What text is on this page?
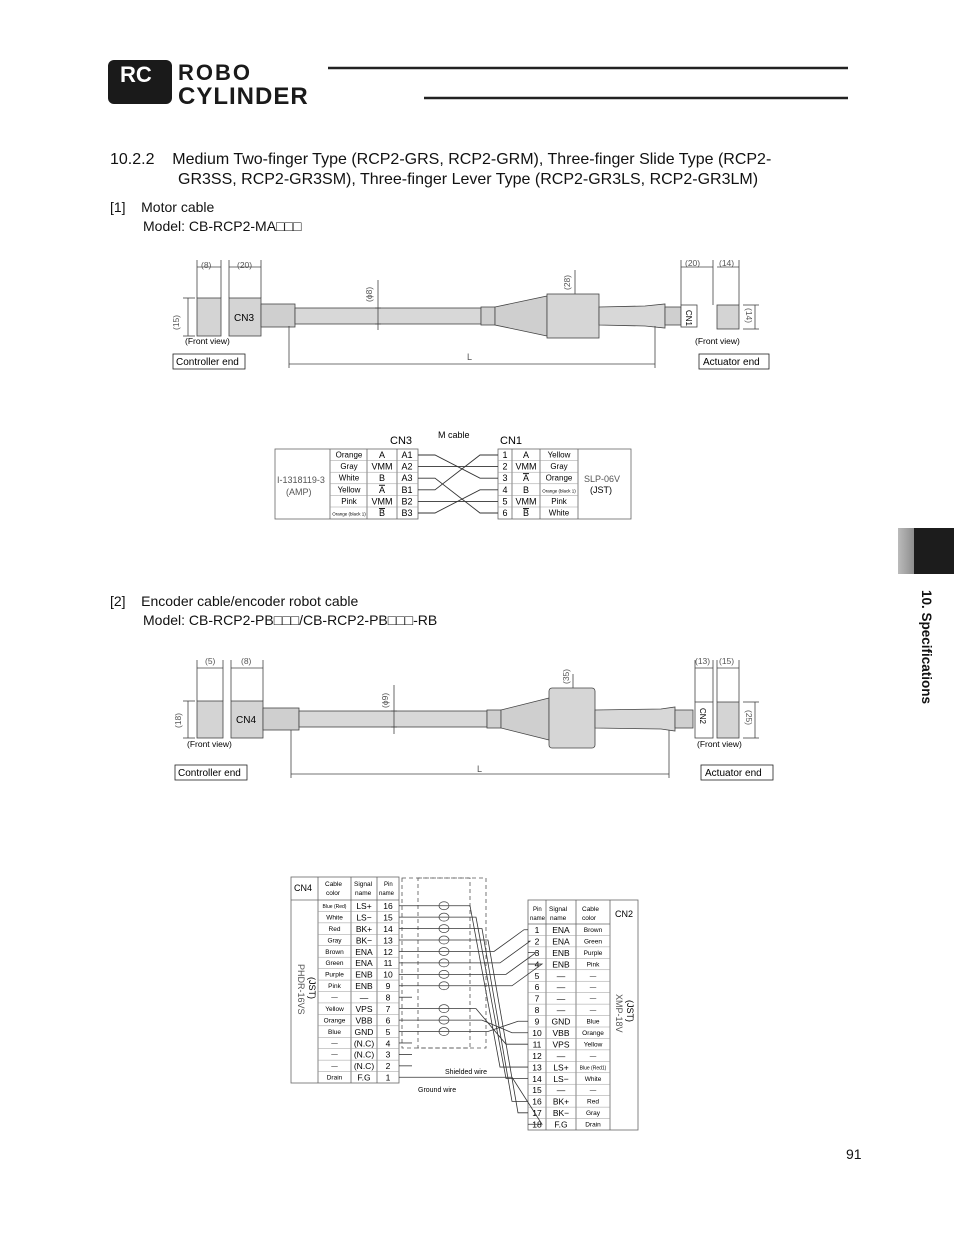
RC ROBO
CYLINDER
10.2.2 Medium Two-finger Type (RCP2-GRS, RCP2-GRM), Three-finger Slide Type (RCP2-
GR3SS, RCP2-GR3SM), Three-finger Lever Type (RCP2-GR3LS, RCP2-GR3LM)
[1] Motor cable
Model: CB-RCP2-MA□□□
(8)	(20)
(15)	CN3
(Front view)
(ϕ8)
(28)
L
CN1
(20) (14)
(14)
(Front view)
Controller end	Actuator end
M cable
CN3	CN1
I-1318119-3
(AMP)
SLP-06V
(JST)
Orange A A1
Gray VMM A2
White B A3
Yellow A B1
Pink VMM B2
Orange (black 1) B B3
1 A Yellow
2 VMM Gray
3 A Orange
4 B	Orange (black 1)
5 VMM Pink
6 B White
[2] Encoder cable/encoder robot cable
Model: CB-RCP2-PB□□□/CB-RCP2-PB□□□-RB
(5)	(8)
(18)	CN4
(Front view)
(ϕ9)
(35)
L
CN2
(13) (15)
(25)
(Front view)
Controller end	Actuator end
CN4 Cable
color
Signal
name
Pin
name
PHDR-16VS (JST)
Pin
name
Signal
name
Cable
color CN2
XMP-18V (JST)
Blue (Red) LS+ 16
White LS− 15
Red BK+ 14
Gray BK− 13
Brown ENA 12
Green ENA 11
Purple ENB 10
Pink ENB 9
—	— 8
Yellow VPS 7
Orange VBB 6
Blue GND 5
— (N.C) 4
— (N.C) 3
— (N.C) 2
Drain F.G 1
1 ENA Brown
2 ENA Green
3 ENB Purple
4 ENB	Pink
5 —	—
6 —	—
7 —	—
8 —	—
9 GND Blue
10 VBB Orange
11 VPS Yellow
12 —	—
13 LS+ Blue (Red1)
14 LS− White
15 —	—
16 BK+	Red
17 BK−	Gray
18 F.G	Drain
Shielded wire
Ground wire
10. Specifications
91
